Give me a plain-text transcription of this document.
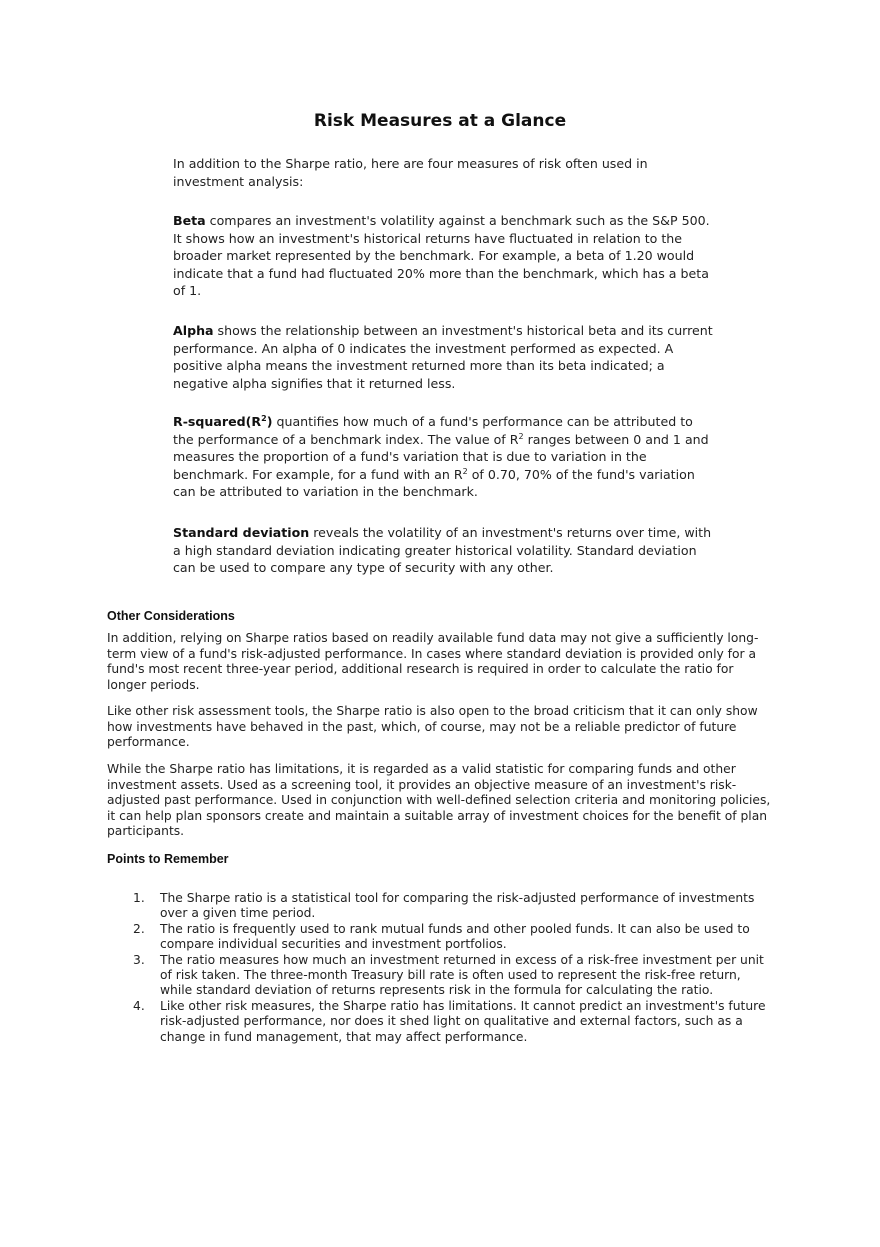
Risk Measures at a Glance

In addition to the Sharpe ratio, here are four measures of risk often used in investment analysis:

Beta compares an investment's volatility against a benchmark such as the S&P 500. It shows how an investment's historical returns have fluctuated in relation to the broader market represented by the benchmark. For example, a beta of 1.20 would indicate that a fund had fluctuated 20% more than the benchmark, which has a beta of 1.

Alpha shows the relationship between an investment's historical beta and its current performance. An alpha of 0 indicates the investment performed as expected. A positive alpha means the investment returned more than its beta indicated; a negative alpha signifies that it returned less.

$R-squared(R^2)$ quantifies how much of a fund's performance can be attributed to the performance of a benchmark index. The value of $R^2$ ranges between 0 and 1 and measures the proportion of a fund's variation that is due to variation in the benchmark. For example, for a fund with an $R^2$ of 0.70, 70% of the fund's variation can be attributed to variation in the benchmark.

Standard deviation reveals the volatility of an investment's returns over time, with a high standard deviation indicating greater historical volatility. Standard deviation can be used to compare any type of security with any other.

Other Considerations

In addition, relying on Sharpe ratios based on readily available fund data may not give a sufficiently long-term view of a fund's risk-adjusted performance. In cases where standard deviation is provided only for a fund's most recent three-year period, additional research is required in order to calculate the ratio for longer periods.

Like other risk assessment tools, the Sharpe ratio is also open to the broad criticism that it can only show how investments have behaved in the past, which, of course, may not be a reliable predictor of future performance.

While the Sharpe ratio has limitations, it is regarded as a valid statistic for comparing funds and other investment assets. Used as a screening tool, it provides an objective measure of an investment's risk-adjusted past performance. Used in conjunction with well-defined selection criteria and monitoring policies, it can help plan sponsors create and maintain a suitable array of investment choices for the benefit of plan participants.

Points to Remember
1. The Sharpe ratio is a statistical tool for comparing the risk-adjusted performance of investments over a given time period.
2. The ratio is frequently used to rank mutual funds and other pooled funds. It can also be used to compare individual securities and investment portfolios.
3. The ratio measures how much an investment returned in excess of a risk-free investment per unit of risk taken. The three-month Treasury bill rate is often used to represent the risk-free return, while standard deviation of returns represents risk in the formula for calculating the ratio.
4. Like other risk measures, the Sharpe ratio has limitations. It cannot predict an investment's future risk-adjusted performance, nor does it shed light on qualitative and external factors, such as a change in fund management, that may affect performance.
